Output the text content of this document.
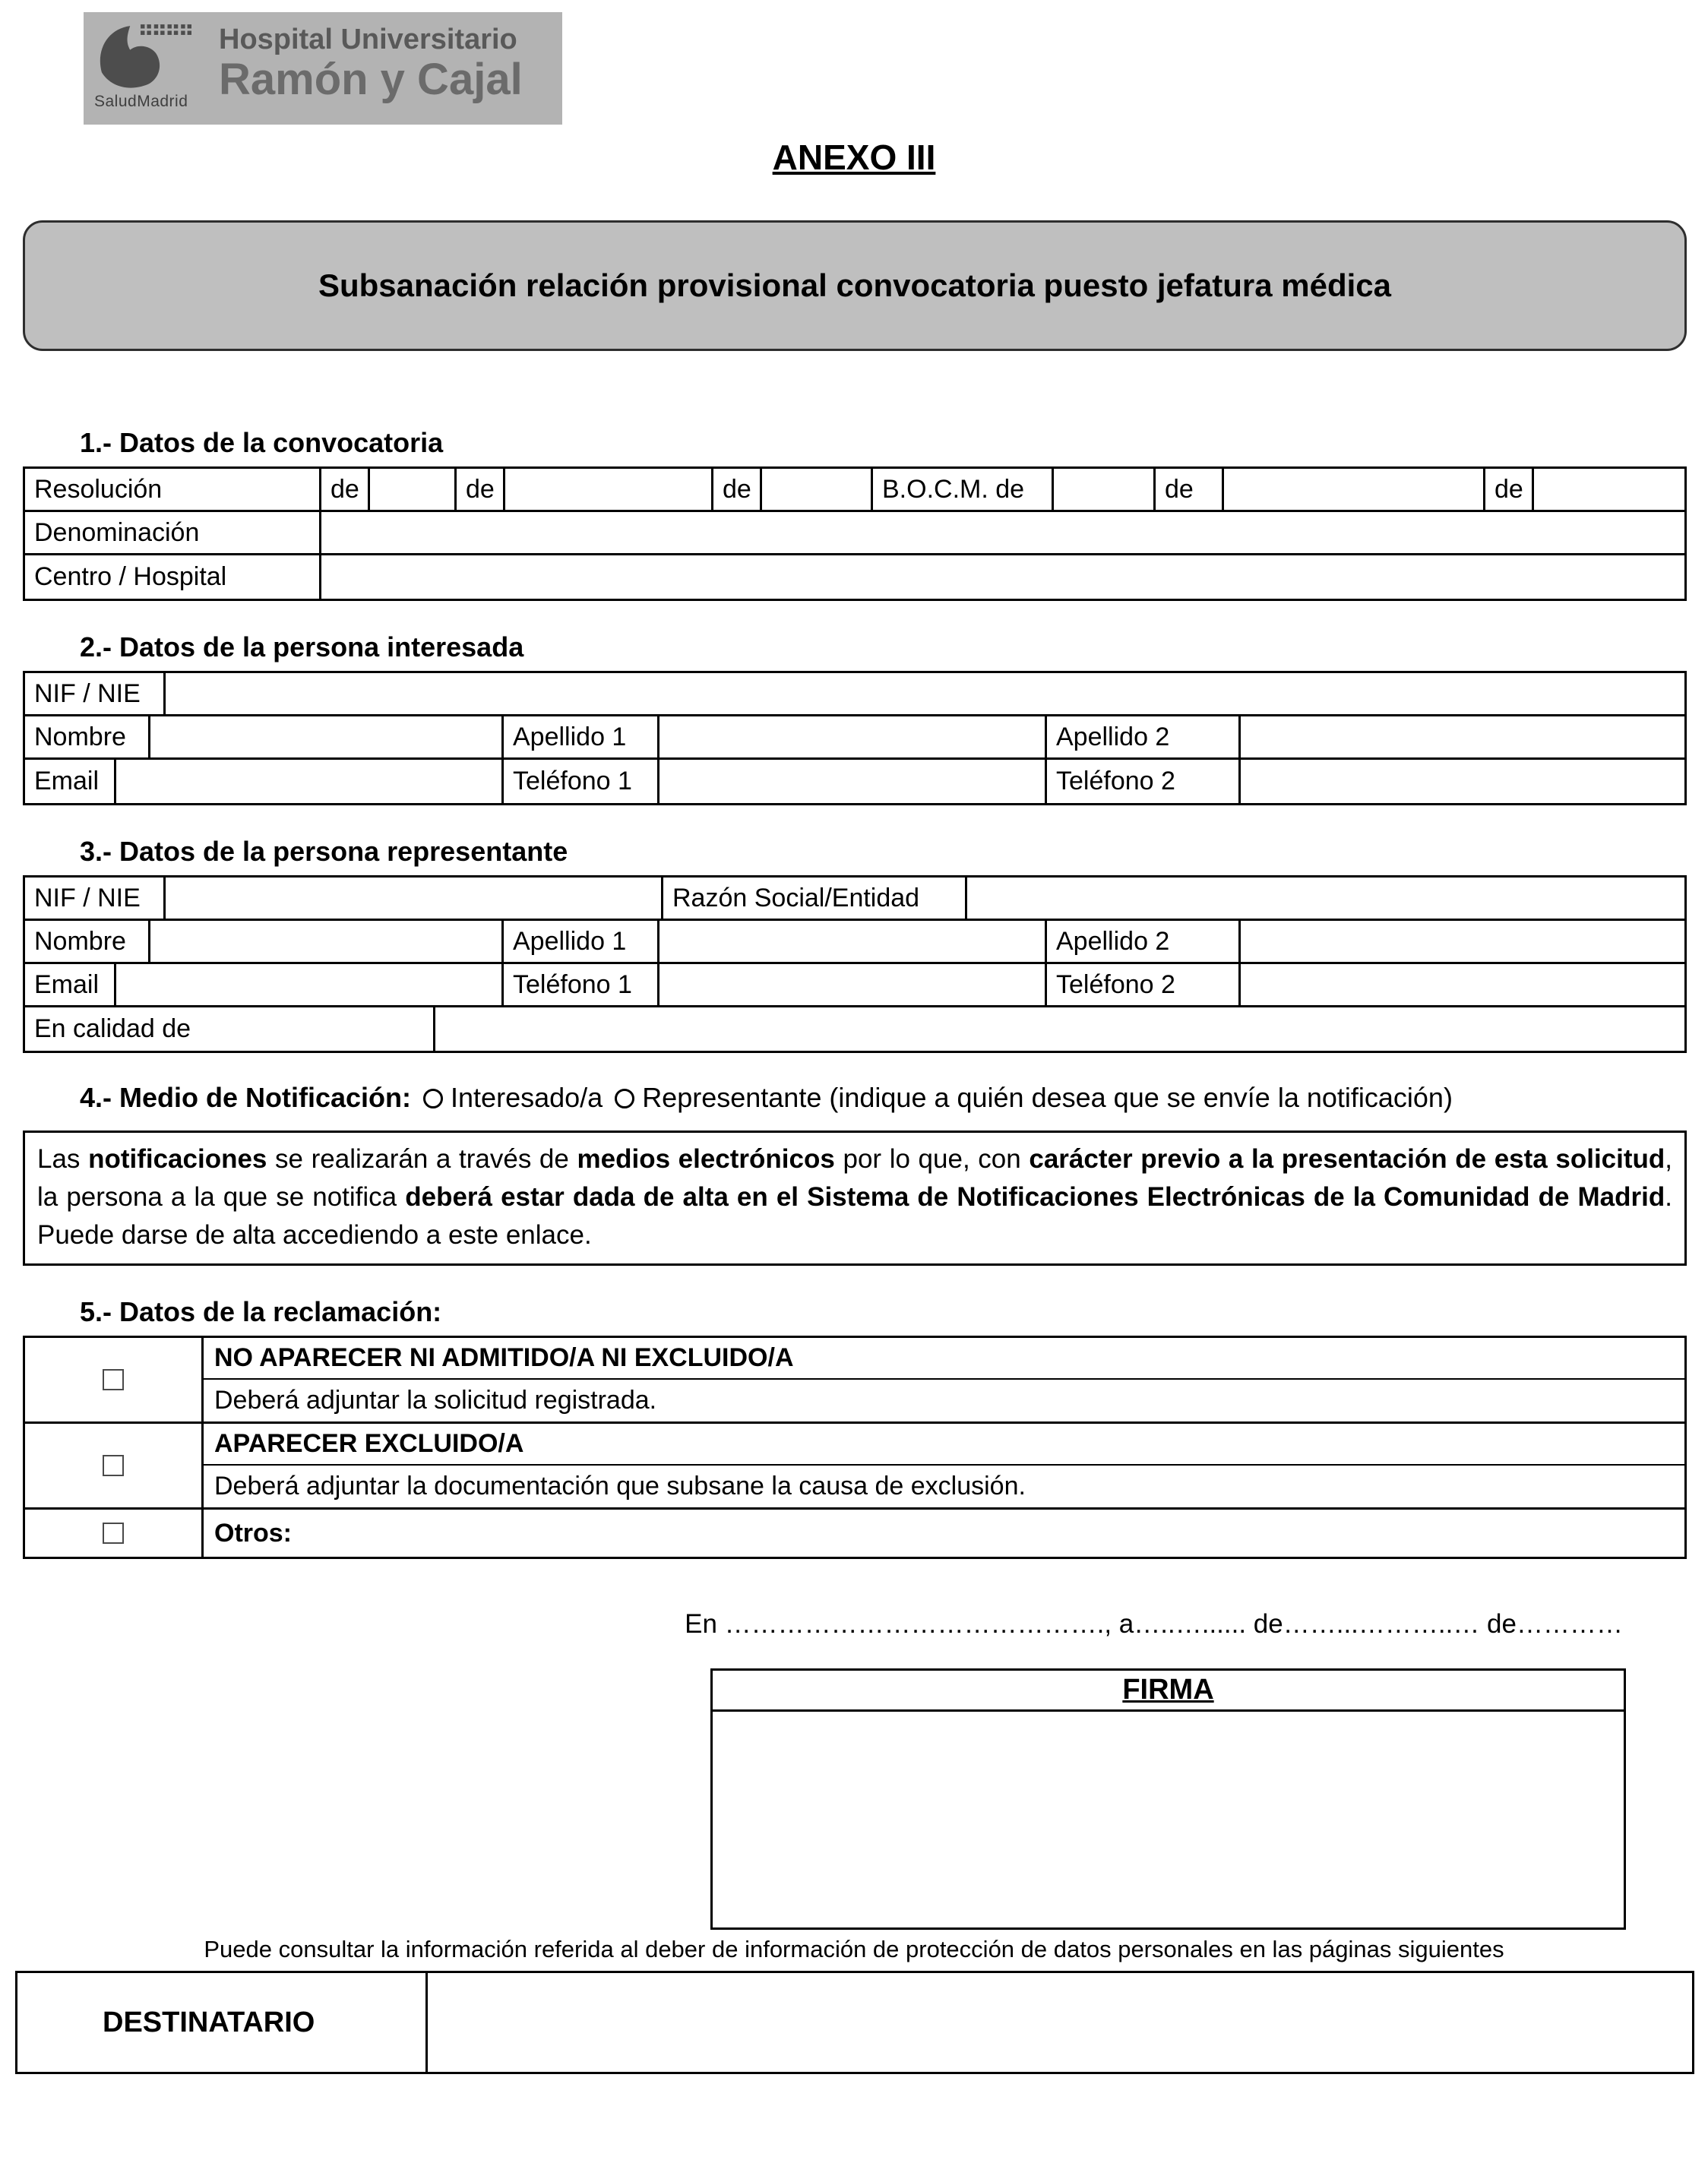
SaludMadrid
Hospital Universitario
Ramón y Cajal
ANEXO III
Subsanación relación provisional convocatoria puesto jefatura médica
1.- Datos de la convocatoria
Resolución	de	de	de	B.O.C.M. de	de	de
Denominación
Centro / Hospital
2.- Datos de la persona interesada
NIF / NIE
Nombre	Apellido 1	Apellido 2
Email	Teléfono 1	Teléfono 2
3.- Datos de la persona representante
NIF / NIE	Razón Social/Entidad
Nombre	Apellido 1	Apellido 2
Email	Teléfono 1	Teléfono 2
En calidad de
4.- Medio de Notificación: Interesado/a Representante (indique a quién desea que se envíe la notificación)
Las notificaciones se realizarán a través de medios electrónicos por lo que, con carácter previo a la presentación de esta solicitud, la persona a la que se notifica deberá estar dada de alta en el Sistema de Notificaciones Electrónicas de la Comunidad de Madrid. Puede darse de alta accediendo a este enlace.
5.- Datos de la reclamación:
NO APARECER NI ADMITIDO/A NI EXCLUIDO/A
Deberá adjuntar la solicitud registrada.
APARECER EXCLUIDO/A
Deberá adjuntar la documentación que subsane la causa de exclusión.
Otros:
En ……………………………………., a…..…...... de……...………..… de…………
FIRMA
Puede consultar la información referida al deber de información de protección de datos personales en las páginas siguientes
DESTINATARIO
